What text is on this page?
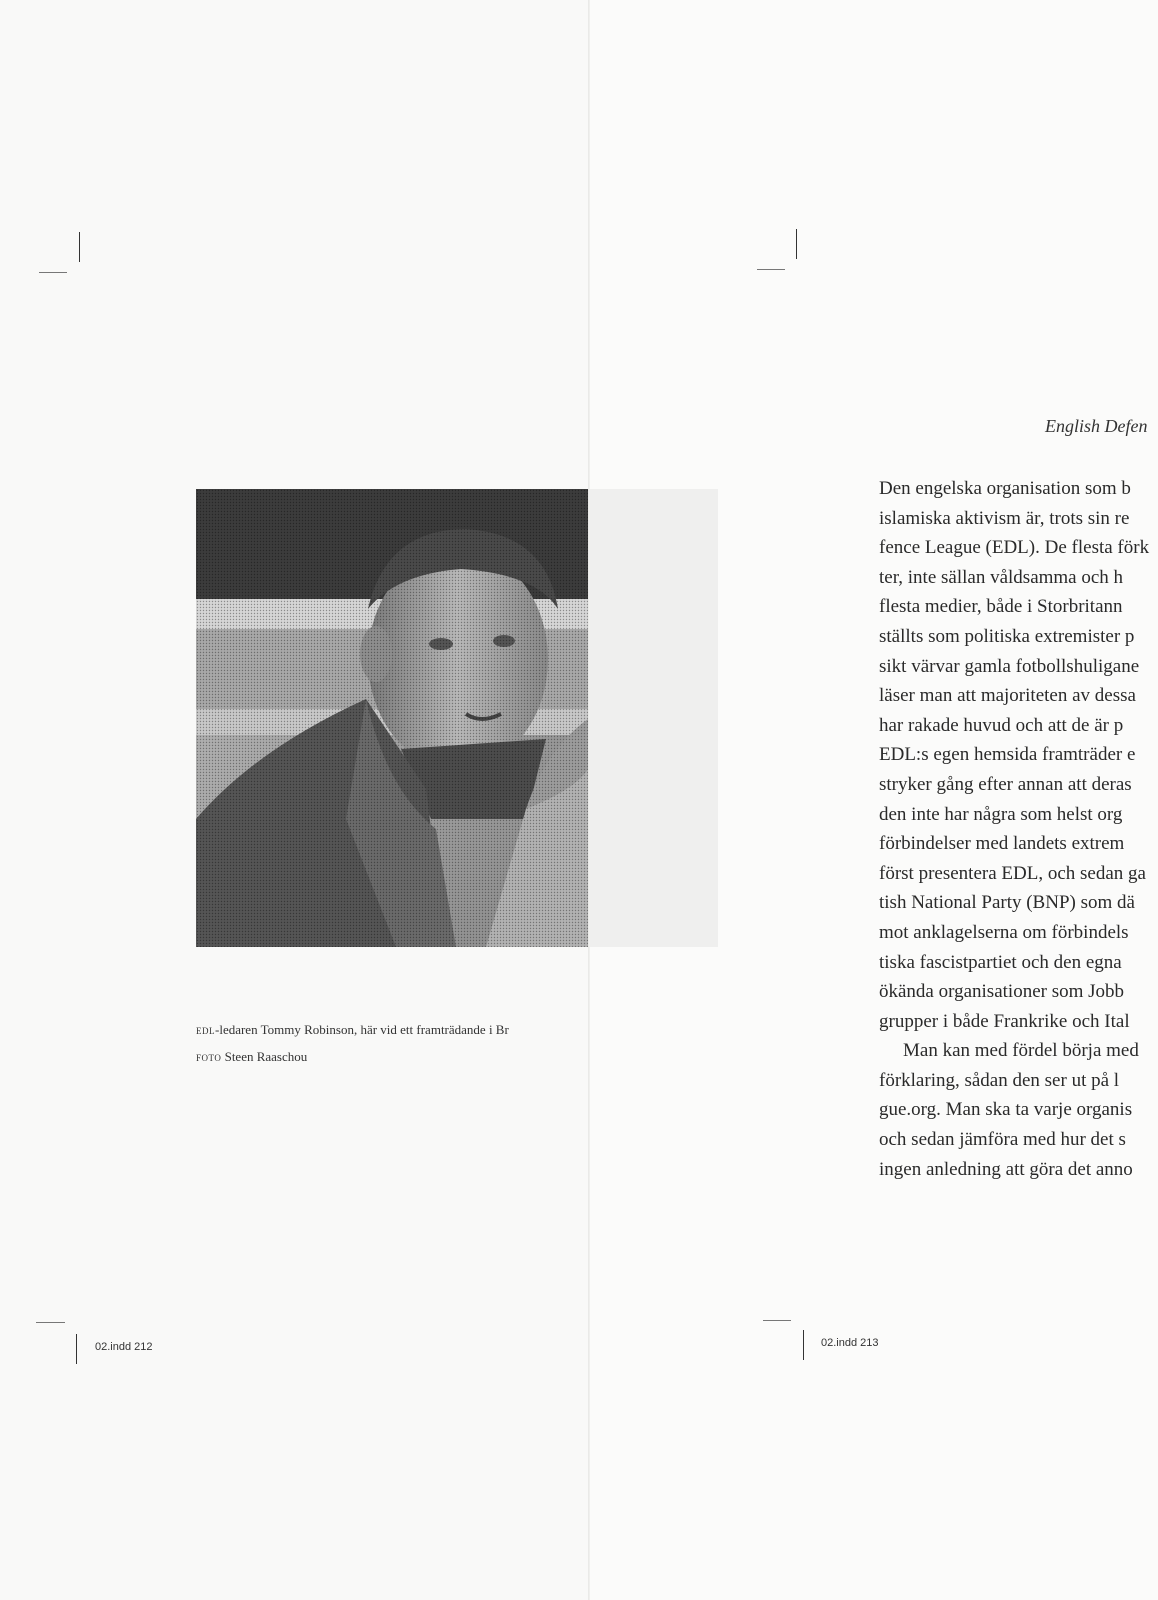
edl-ledaren Tommy Robinson, här vid ett framträdande i Br
foto Steen Raaschou
02.indd 212	02.indd 213
English Defen
Den engelska organisation som b
islamiska aktivism är, trots sin re
fence League (EDL). De flesta förk
ter, inte sällan våldsamma och h
flesta medier, både i Storbritann
ställts som politiska extremister p
sikt värvar gamla fotbollshuligane
läser man att majoriteten av dessa
har rakade huvud och att de är p
EDL:s egen hemsida framträder e
stryker gång efter annan att deras
den inte har några som helst org
förbindelser med landets extrem
först presentera EDL, och sedan ga
tish National Party (BNP) som dä
mot anklagelserna om förbindels
tiska fascistpartiet och den egna
ökända organisationer som Jobb
grupper i både Frankrike och Ital
Man kan med fördel börja med
förklaring, sådan den ser ut på l
gue.org. Man ska ta varje organis
och sedan jämföra med hur det s
ingen anledning att göra det anno
